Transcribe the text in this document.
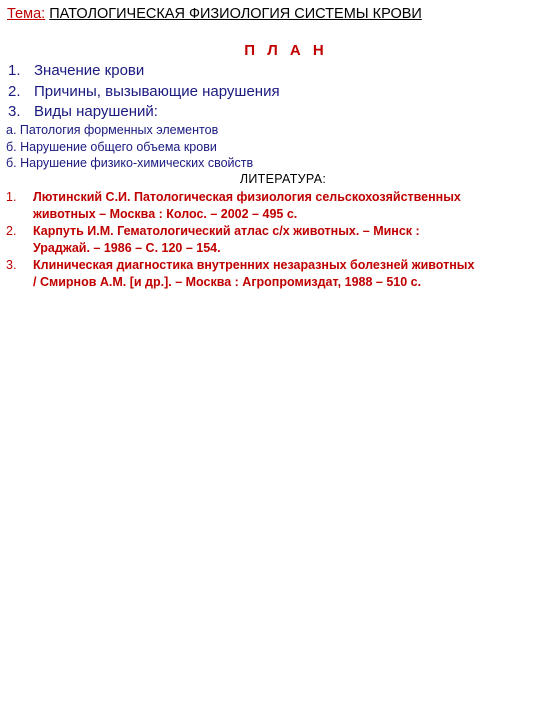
Тема: ПАТОЛОГИЧЕСКАЯ ФИЗИОЛОГИЯ СИСТЕМЫ КРОВИ
П Л А Н
1. Значение крови
2. Причины, вызывающие нарушения
3. Виды нарушений:
а. Патология форменных элементов
б. Нарушение общего объема крови
б. Нарушение физико-химических свойств
ЛИТЕРАТУРА:
1. Лютинский С.И. Патологическая физиология сельскохозяйственных
животных – Москва : Колос. – 2002 – 495 с.
2. Карпуть И.М. Гематологический атлас с/х животных. – Минск :
Ураджай. – 1986 – С. 120 – 154.
3. Клиническая диагностика внутренних незаразных болезней животных
/ Смирнов А.М. [и др.]. – Москва : Агропромиздат, 1988 – 510 с.
